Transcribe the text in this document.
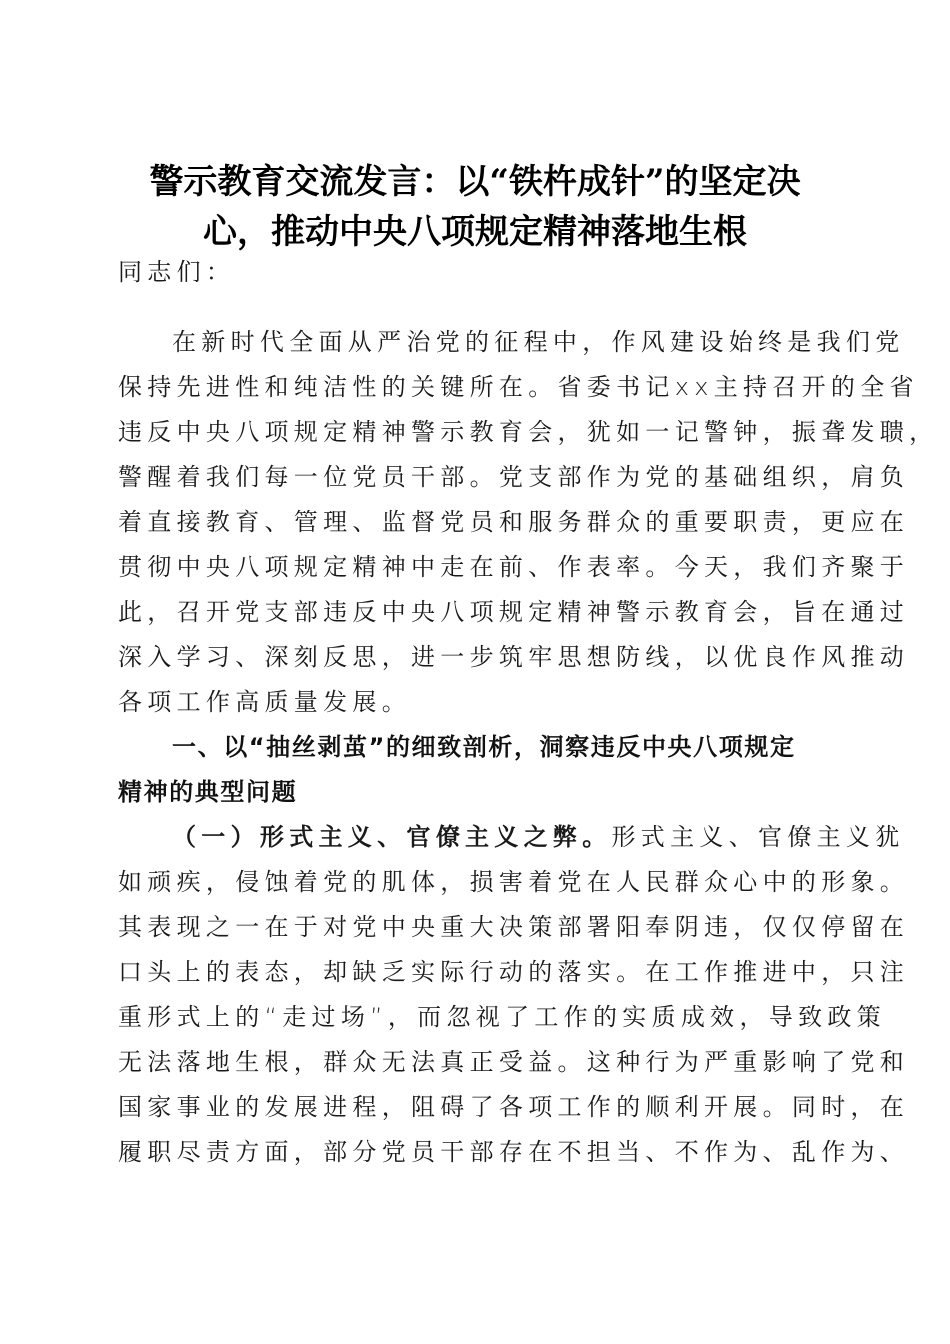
警示教育交流发言：以“铁杵成针”的坚定决
心，推动中央八项规定精神落地生根
同志们：
在新时代全面从严治党的征程中，作风建设始终是我们党
保持先进性和纯洁性的关键所在。省委书记xx主持召开的全省
违反中央八项规定精神警示教育会，犹如一记警钟，振聋发聩，
警醒着我们每一位党员干部。党支部作为党的基础组织，肩负
着直接教育、管理、监督党员和服务群众的重要职责，更应在
贯彻中央八项规定精神中走在前、作表率。今天，我们齐聚于
此，召开党支部违反中央八项规定精神警示教育会，旨在通过
深入学习、深刻反思，进一步筑牢思想防线，以优良作风推动
各项工作高质量发展。
一、以“抽丝剥茧”的细致剖析，洞察违反中央八项规定
精神的典型问题
（一）形式主义、官僚主义之弊。形式主义、官僚主义犹
如顽疾，侵蚀着党的肌体，损害着党在人民群众心中的形象。
其表现之一在于对党中央重大决策部署阳奉阴违，仅仅停留在
口头上的表态，却缺乏实际行动的落实。在工作推进中，只注
重形式上的“走过场”，而忽视了工作的实质成效，导致政策
无法落地生根，群众无法真正受益。这种行为严重影响了党和
国家事业的发展进程，阻碍了各项工作的顺利开展。同时，在
履职尽责方面，部分党员干部存在不担当、不作为、乱作为、
